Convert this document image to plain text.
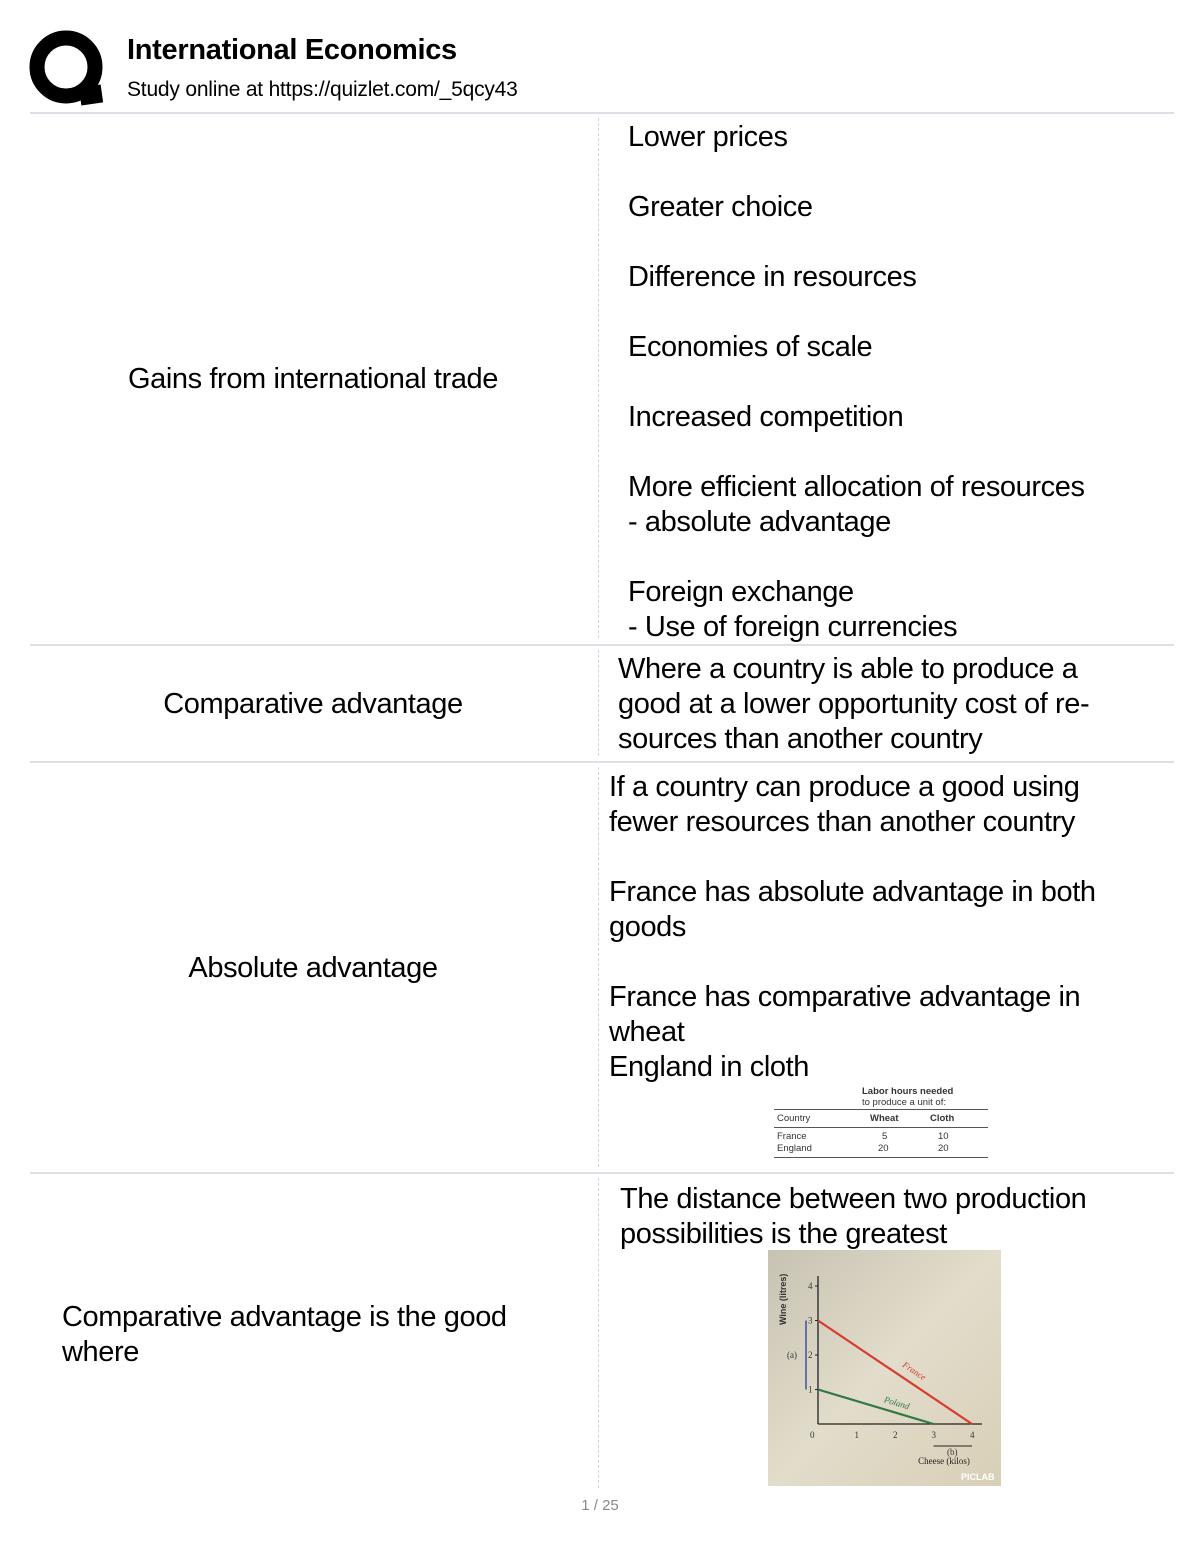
International Economics
Study online at https://quizlet.com/_5qcy43
Gains from international trade
Lower prices

Greater choice

Difference in resources

Economies of scale

Increased competition

More efficient allocation of resources
- absolute advantage

Foreign exchange
- Use of foreign currencies
Comparative advantage
Where a country is able to produce a
good at a lower opportunity cost of re-
sources than another country
Absolute advantage
If a country can produce a good using
fewer resources than another country

France has absolute advantage in both
goods

France has comparative advantage in
wheat
England in cloth
Labor hours needed
to produce a unit of:
Country	Wheat	Cloth
France	5	10
England	20	20
Comparative advantage is the good
where
The distance between two production
possibilities is the greatest
0	1	2	3	4
1
2
3
4
Cheese (kilos)
Wine (litres)
France
Poland
(a)
(b)
PICLAB
1 / 25
